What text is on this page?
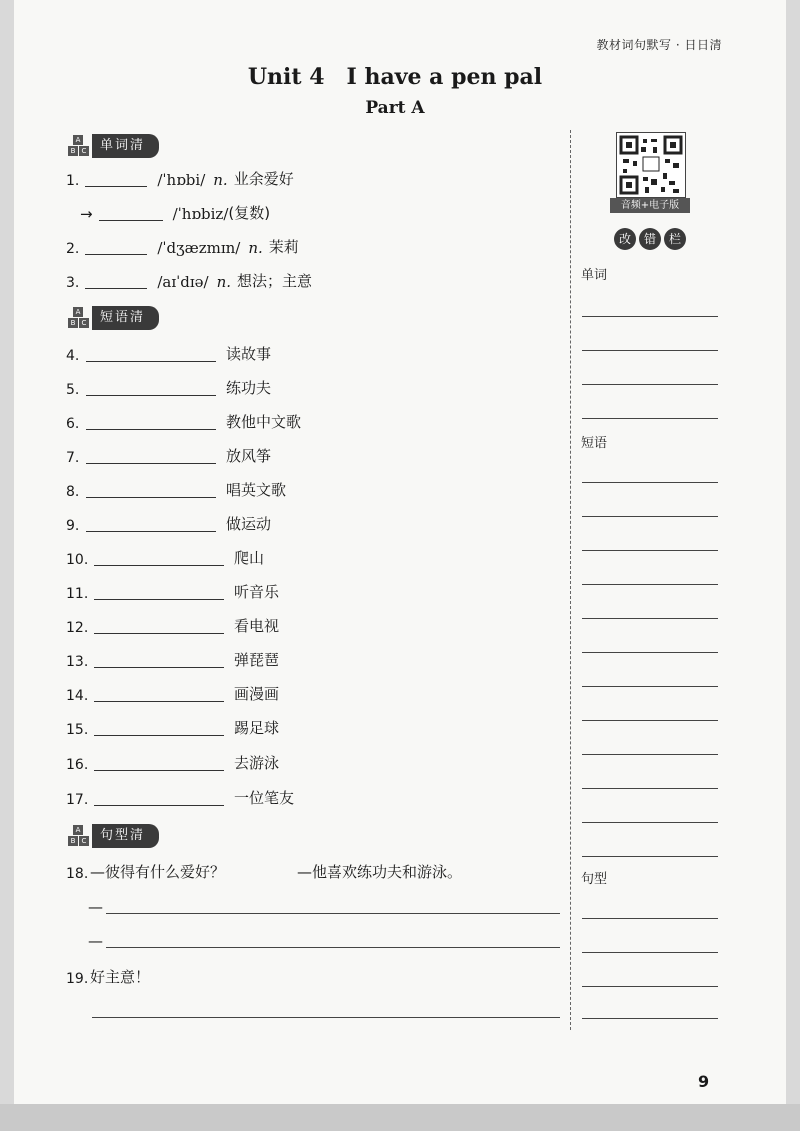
教材词句默写 · 日日清
Unit 4　I have a pen pal
Part A
A
B C	单词清
1.	/ˈhɒbi/ n. 业余爱好
→	/ˈhɒbiz/ (复数)
2.	/ˈdʒæzmɪn/ n. 茉莉
3.	/aɪˈdɪə/ n. 想法；主意
A
B C	短语清
4.	读故事
5.	练功夫
6.	教他中文歌
7.	放风筝
8.	唱英文歌
9.	做运动
10.	爬山
11.	听音乐
12.	看电视
13.	弹琵琶
14.	画漫画
15.	踢足球
16.	去游泳
17.	一位笔友
A
B C	句型清
18. —彼得有什么爱好？	—他喜欢练功夫和游泳。
—
—
19. 好主意！
音频+电子版
改	错	栏
单词
短语
句型
9
